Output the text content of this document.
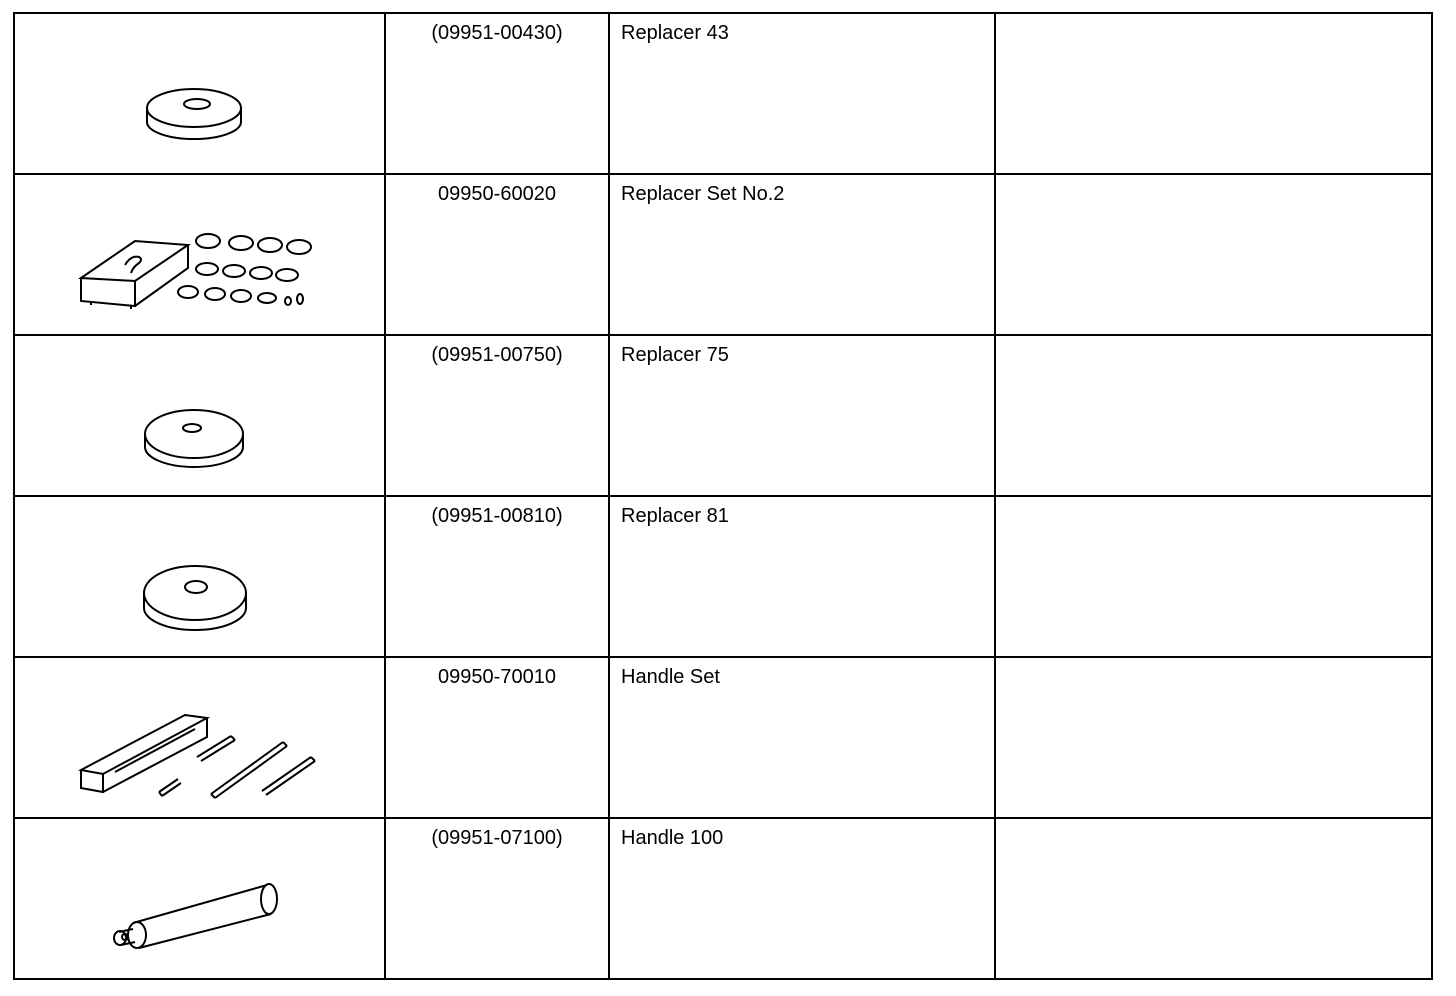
(09951-00430)	Replacer 43	

09950-60020	Replacer Set No.2	

(09951-00750)	Replacer 75	

(09951-00810)	Replacer 81	

09950-70010	Handle Set	

(09951-07100)	Handle 100	
